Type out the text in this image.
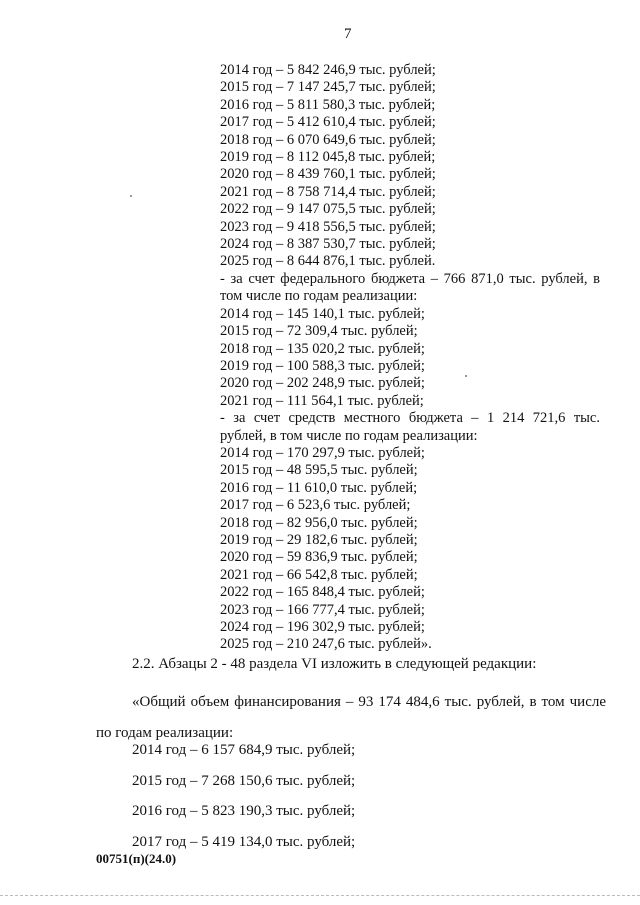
7
2014 год – 5 842 246,9 тыс. рублей;
2015 год – 7 147 245,7 тыс. рублей;
2016 год – 5 811 580,3 тыс. рублей;
2017 год – 5 412 610,4 тыс. рублей;
2018 год – 6 070 649,6 тыс. рублей;
2019 год – 8 112 045,8 тыс. рублей;
2020 год – 8 439 760,1 тыс. рублей;
2021 год – 8 758 714,4 тыс. рублей;
2022 год – 9 147 075,5 тыс. рублей;
2023 год – 9 418 556,5 тыс. рублей;
2024 год – 8 387 530,7 тыс. рублей;
2025 год – 8 644 876,1 тыс. рублей.
- за счет федерального бюджета – 766 871,0 тыс. рублей, в том числе по годам реализации:
2014 год – 145 140,1 тыс. рублей;
2015 год – 72 309,4 тыс. рублей;
2018 год – 135 020,2 тыс. рублей;
2019 год – 100 588,3 тыс. рублей;
2020 год – 202 248,9 тыс. рублей;
2021 год – 111 564,1 тыс. рублей;
- за счет средств местного бюджета – 1 214 721,6 тыс. рублей, в том числе по годам реализации:
2014 год – 170 297,9 тыс. рублей;
2015 год – 48 595,5 тыс. рублей;
2016 год – 11 610,0 тыс. рублей;
2017 год – 6 523,6 тыс. рублей;
2018 год – 82 956,0 тыс. рублей;
2019 год – 29 182,6 тыс. рублей;
2020 год – 59 836,9 тыс. рублей;
2021 год – 66 542,8 тыс. рублей;
2022 год – 165 848,4 тыс. рублей;
2023 год – 166 777,4 тыс. рублей;
2024 год – 196 302,9 тыс. рублей;
2025 год – 210 247,6 тыс. рублей».
2.2. Абзацы 2 - 48 раздела VI изложить в следующей редакции:
«Общий объем финансирования – 93 174 484,6 тыс. рублей, в том числе по годам реализации:
2014 год – 6 157 684,9 тыс. рублей;
2015 год – 7 268 150,6 тыс. рублей;
2016 год – 5 823 190,3 тыс. рублей;
2017 год – 5 419 134,0 тыс. рублей;
00751(п)(24.0)
